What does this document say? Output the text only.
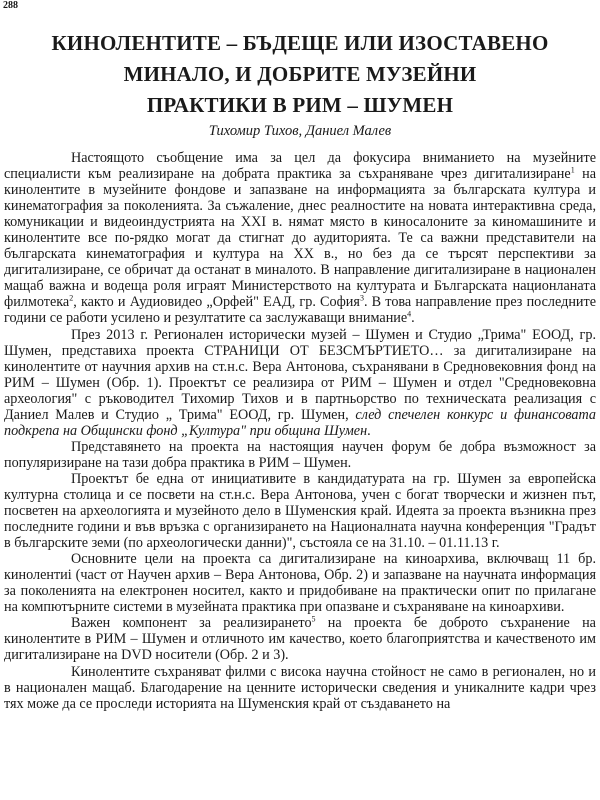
288
КИНОЛЕНТИТЕ – БЪДЕЩЕ ИЛИ ИЗОСТАВЕНО
МИНАЛО, И ДОБРИТЕ МУЗЕЙНИ
ПРАКТИКИ В РИМ – ШУМЕН
Тихомир Тихов, Даниел Малев

Настоящото съобщение има за цел да фокусира вниманието на музейните специалисти към реализиране на добрата практика за съхраняване чрез дигитализиране$^1$ на кинолентите в музейните фондове и запазване на информацията за българската култура и кинематография за поколенията. За съжаление, днес реалностите на новата интерактивна среда, комуникации и видеоиндустрията на XXI в. нямат място в киносалоните за киномашините и кинолентите все по-рядко могат да стигнат до аудиторията. Те са важни представители на българската кинематография и култура на XX в., но без да се търсят перспективи за дигитализиране, се обричат да останат в миналото. В направление дигитализиране в национален мащаб важна и водеща роля играят Министерството на културата и Българската национланата филмотека$^2$, както и Аудиовидео „Орфей" ЕАД, гр. София$^3$. В това направление през последните години се работи усилено и резултатите са заслужаващи внимание$^4$.

През 2013 г. Регионален исторически музей – Шумен и Студио „Трима" ЕООД, гр. Шумен, представиха проекта СТРАНИЦИ ОТ БЕЗСМЪРТИЕТО… за дигитализиране на кинолентите от научния архив на ст.н.с. Вера Антонова, съхранявани в Средновековния фонд на РИМ – Шумен (Обр. 1). Проектът се реализира от РИМ – Шумен и отдел "Средновековна археология" с ръководител Тихомир Тихов и в партньорство по техническата реализация с Даниел Малев и Студио „ Трима" ЕООД, гр. Шумен, след спечелен конкурс и финансовата подкрепа на Общински фонд „Култура" при община Шумен.

Представянето на проекта на настоящия научен форум бе добра възможност за популяризиране на тази добра практика в РИМ – Шумен.

Проектът бе една от инициативите в кандидатурата на гр. Шумен за европейска културна столица и се посвети на ст.н.с. Вера Антонова, учен с богат творчески и жизнен път, посветен на археологията и музейното дело в Шуменския край. Идеята за проекта възникна през последните години и във връзка с организирането на Националната научна конференция "Градът в българските земи (по археологически данни)", състояла се на 31.10. – 01.11.13 г.

Основните цели на проекта са дигитализиране на киноархива, включващ 11 бр. кинолентиi (част от Научен архив – Вера Антонова, Обр. 2) и запазване на научната информация за поколенията на електронен носител, както и придобиване на практически опит по прилагане на компютърните системи в музейната практика при опазване и съхраняване на киноархиви.

Важен компонент за реализирането$^5$ на проекта бе доброто съхранение на кинолентите в РИМ – Шумен и отличното им качество, което благоприятства и качественото им дигитализиране на DVD носители (Обр. 2 и 3).

Кинолентите съхраняват филми с висока научна стойност не само в регионален, но и в национален мащаб. Благодарение на ценните исторически сведения и уникалните кадри чрез тях може да се проследи историята на Шуменския край от създаването на
